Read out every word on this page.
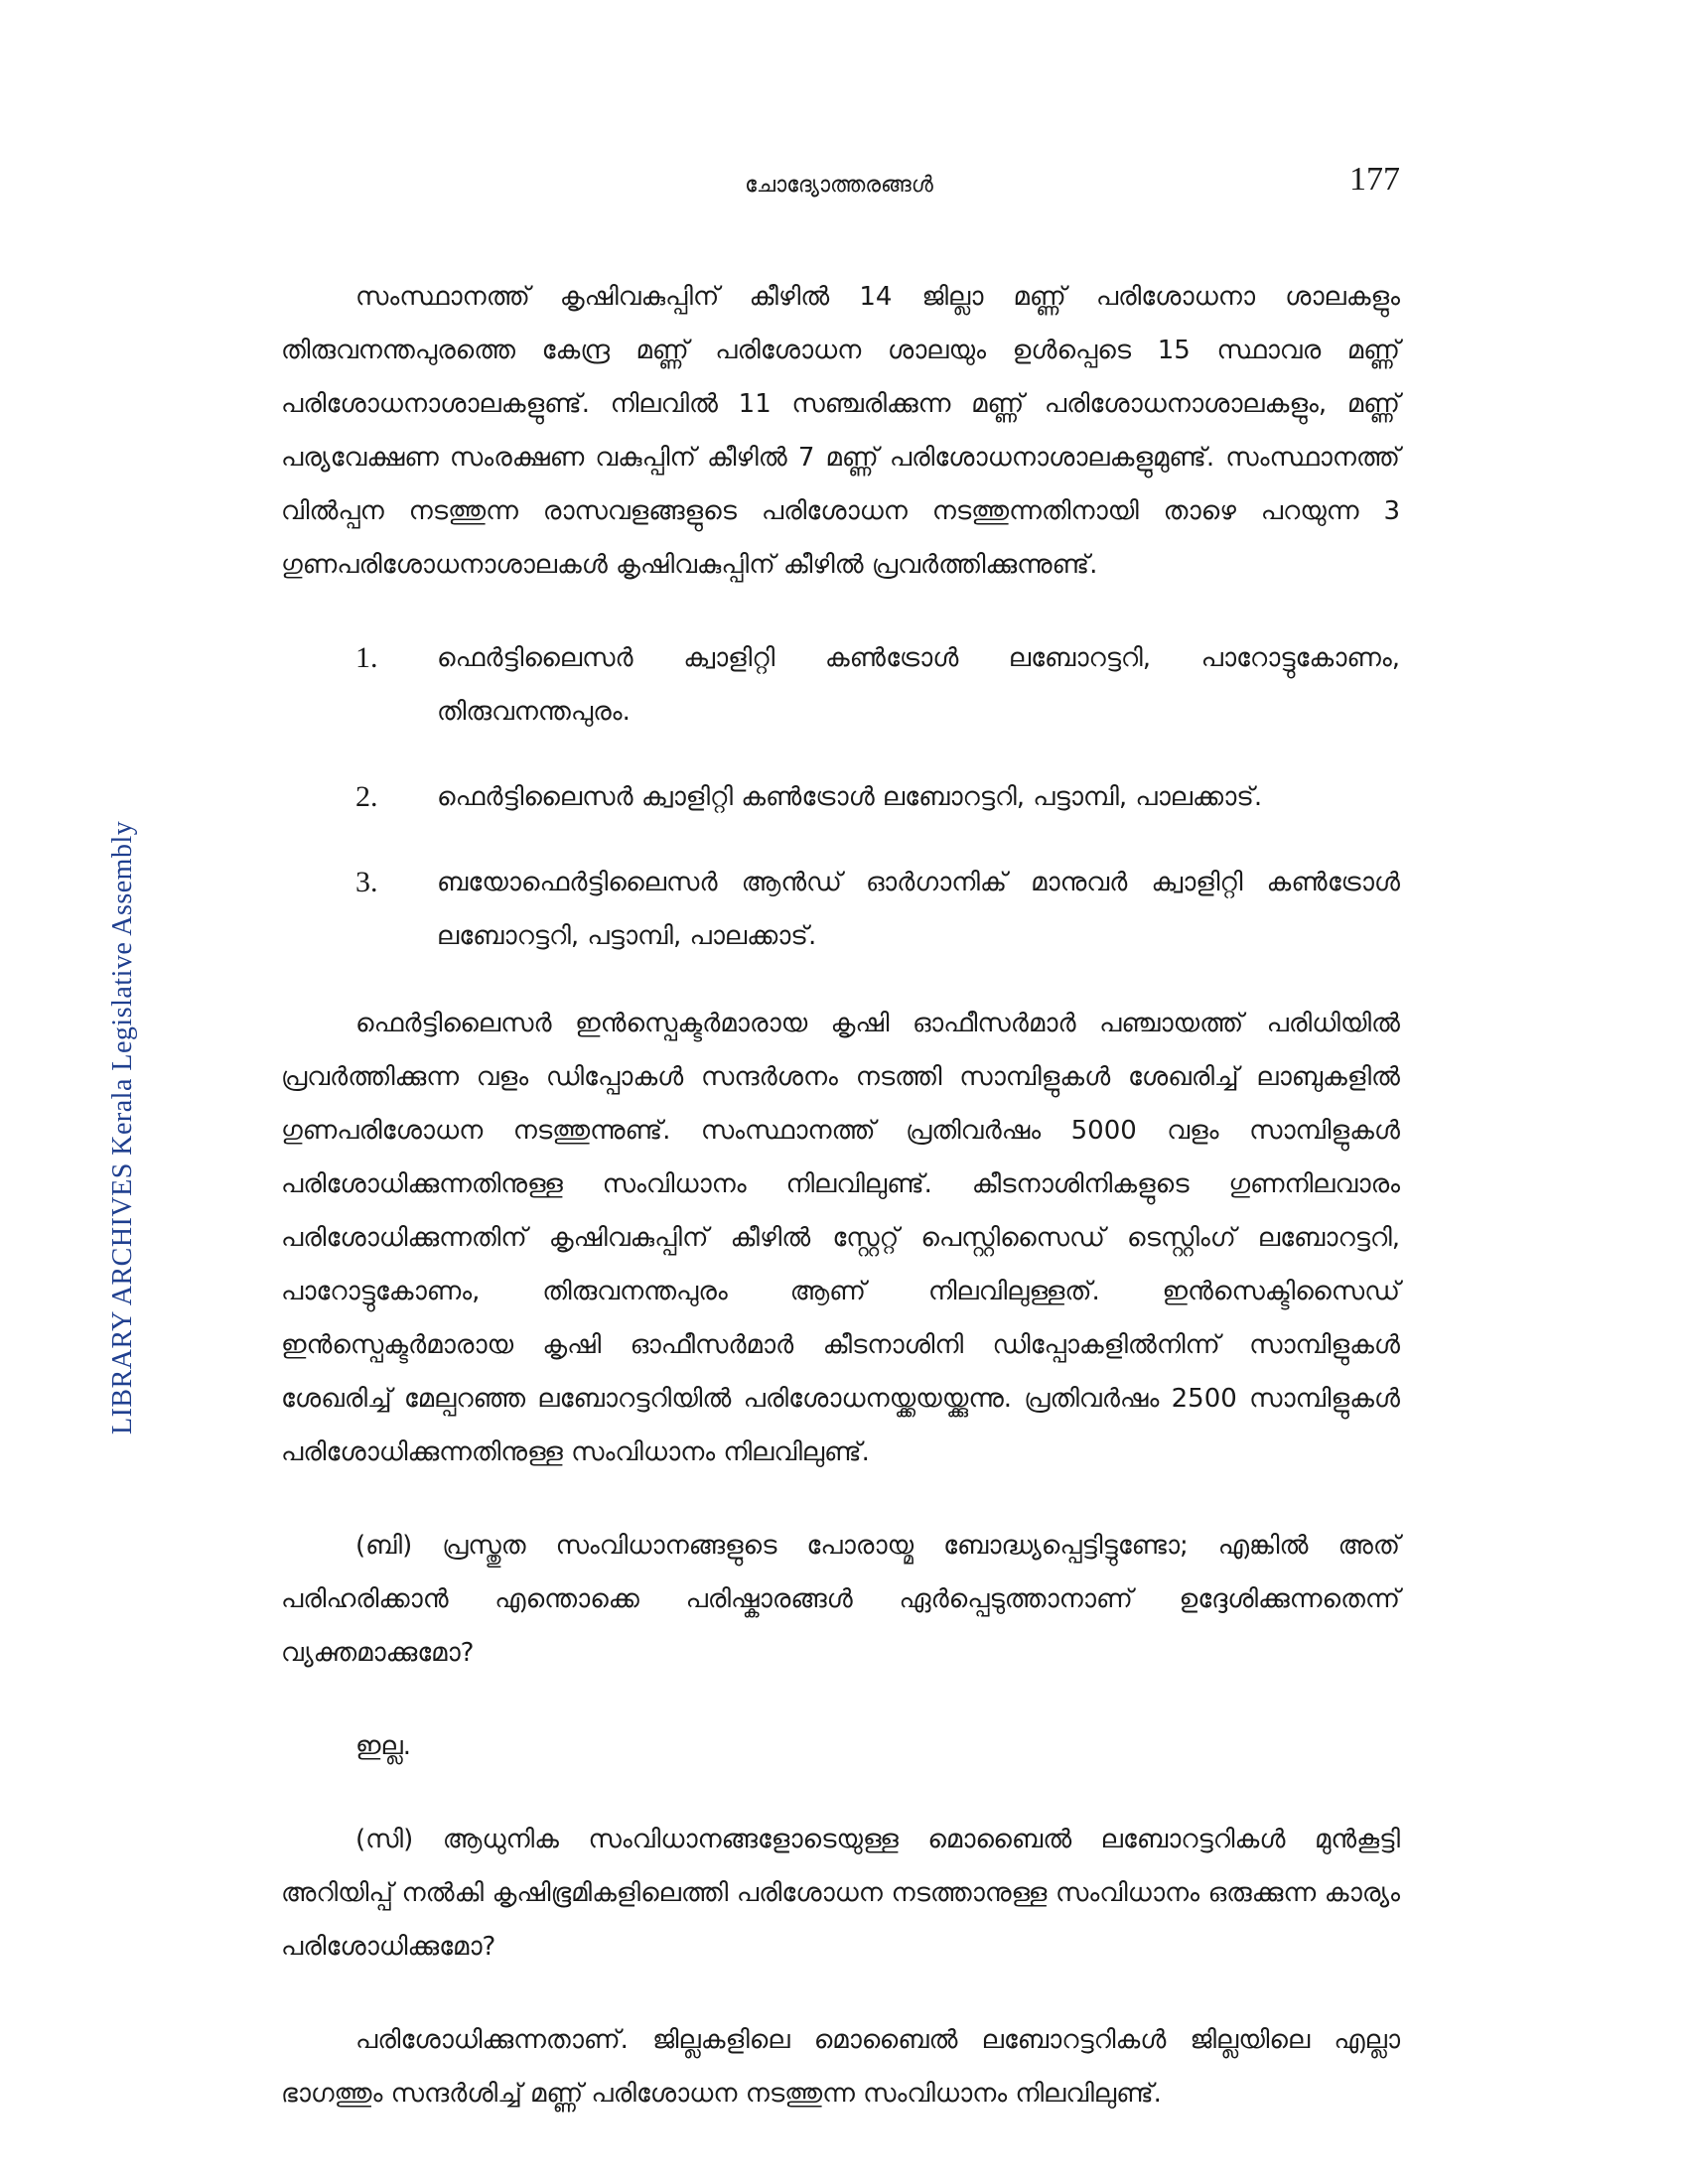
ചോദ്യോത്തരങ്ങൾ	177
LIBRARY ARCHIVES Kerala Legislative Assembly

സംസ്ഥാനത്ത് കൃഷിവകുപ്പിന് കീഴിൽ 14 ജില്ലാ മണ്ണ് പരിശോധനാ ശാലകളും തിരുവനന്തപുരത്തെ കേന്ദ്ര മണ്ണ് പരിശോധന ശാലയും ഉൾപ്പെടെ 15 സ്ഥാവര മണ്ണ് പരിശോധനാശാലകളുണ്ട്. നിലവിൽ 11 സഞ്ചരിക്കുന്ന മണ്ണ് പരിശോധനാശാലകളും, മണ്ണ് പര്യവേക്ഷണ സംരക്ഷണ വകുപ്പിന് കീഴിൽ 7 മണ്ണ് പരിശോധനാശാലകളുമുണ്ട്. സംസ്ഥാനത്ത് വിൽപ്പന നടത്തുന്ന രാസവളങ്ങളുടെ പരിശോധന നടത്തുന്നതിനായി താഴെ പറയുന്ന 3 ഗുണപരിശോധനാശാലകൾ കൃഷിവകുപ്പിന് കീഴിൽ പ്രവർത്തിക്കുന്നുണ്ട്.

1. ഫെർട്ടിലൈസർ ക്വാളിറ്റി കൺട്രോൾ ലബോറട്ടറി, പാറോട്ടുകോണം, തിരുവനന്തപുരം.
2. ഫെർട്ടിലൈസർ ക്വാളിറ്റി കൺട്രോൾ ലബോറട്ടറി, പട്ടാമ്പി, പാലക്കാട്.
3. ബയോഫെർട്ടിലൈസർ ആൻഡ് ഓർഗാനിക് മാനുവർ ക്വാളിറ്റി കൺട്രോൾ ലബോറട്ടറി, പട്ടാമ്പി, പാലക്കാട്.

ഫെർട്ടിലൈസർ ഇൻസ്പെക്ടർമാരായ കൃഷി ഓഫീസർമാർ പഞ്ചായത്ത് പരിധിയിൽ പ്രവർത്തിക്കുന്ന വളം ഡിപ്പോകൾ സന്ദർശനം നടത്തി സാമ്പിളുകൾ ശേഖരിച്ച് ലാബുകളിൽ ഗുണപരിശോധന നടത്തുന്നുണ്ട്. സംസ്ഥാനത്ത് പ്രതിവർഷം 5000 വളം സാമ്പിളുകൾ പരിശോധിക്കുന്നതിനുള്ള സംവിധാനം നിലവിലുണ്ട്. കീടനാശിനികളുടെ ഗുണനിലവാരം പരിശോധിക്കുന്നതിന് കൃഷിവകുപ്പിന് കീഴിൽ സ്റ്റേറ്റ് പെസ്റ്റിസൈഡ് ടെസ്റ്റിംഗ് ലബോറട്ടറി, പാറോട്ടുകോണം, തിരുവനന്തപുരം ആണ് നിലവിലുള്ളത്. ഇൻസെക്ടിസൈഡ് ഇൻസ്പെക്ടർമാരായ കൃഷി ഓഫീസർമാർ കീടനാശിനി ഡിപ്പോകളിൽനിന്ന് സാമ്പിളുകൾ ശേഖരിച്ച് മേല്പറഞ്ഞ ലബോറട്ടറിയിൽ പരിശോധനയ്ക്കയയ്ക്കുന്നു. പ്രതിവർഷം 2500 സാമ്പിളുകൾ പരിശോധിക്കുന്നതിനുള്ള സംവിധാനം നിലവിലുണ്ട്.

(ബി) പ്രസ്തുത സംവിധാനങ്ങളുടെ പോരായ്മ ബോദ്ധ്യപ്പെട്ടിട്ടുണ്ടോ; എങ്കിൽ അത് പരിഹരിക്കാൻ എന്തൊക്കെ പരിഷ്കാരങ്ങൾ ഏർപ്പെടുത്താനാണ് ഉദ്ദേശിക്കുന്നതെന്ന് വ്യക്തമാക്കുമോ?

ഇല്ല.

(സി) ആധുനിക സംവിധാനങ്ങളോടെയുള്ള മൊബൈൽ ലബോറട്ടറികൾ മുൻകൂട്ടി അറിയിപ്പ് നൽകി കൃഷിഭൂമികളിലെത്തി പരിശോധന നടത്താനുള്ള സംവിധാനം ഒരുക്കുന്ന കാര്യം പരിശോധിക്കുമോ?

പരിശോധിക്കുന്നതാണ്. ജില്ലകളിലെ മൊബൈൽ ലബോറട്ടറികൾ ജില്ലയിലെ എല്ലാ ഭാഗത്തും സന്ദർശിച്ച് മണ്ണ് പരിശോധന നടത്തുന്ന സംവിധാനം നിലവിലുണ്ട്.
